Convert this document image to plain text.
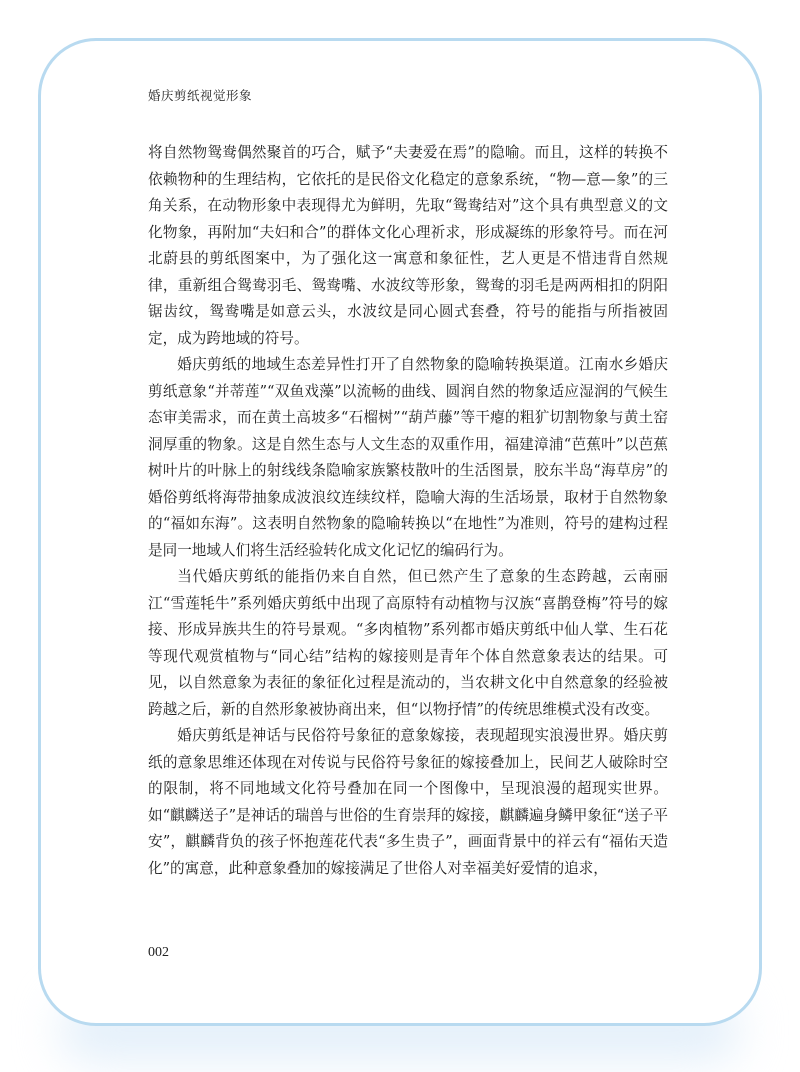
婚庆剪纸视觉形象

将自然物鸳鸯偶然聚首的巧合，赋予“夫妻爱在焉”的隐喻。而且，这样的转换不依赖物种的生理结构，它依托的是民俗文化稳定的意象系统，“物—意—象”的三角关系，在动物形象中表现得尤为鲜明，先取“鸳鸯结对”这个具有典型意义的文化物象，再附加“夫妇和合”的群体文化心理祈求，形成凝练的形象符号。而在河北蔚县的剪纸图案中，为了强化这一寓意和象征性，艺人更是不惜违背自然规律，重新组合鸳鸯羽毛、鸳鸯嘴、水波纹等形象，鸳鸯的羽毛是两两相扣的阴阳锯齿纹，鸳鸯嘴是如意云头，水波纹是同心圆式套叠，符号的能指与所指被固定，成为跨地域的符号。

婚庆剪纸的地域生态差异性打开了自然物象的隐喻转换渠道。江南水乡婚庆剪纸意象“并蒂莲”“双鱼戏藻”以流畅的曲线、圆润自然的物象适应湿润的气候生态审美需求，而在黄土高坡多“石榴树”“葫芦藤”等干瘪的粗犷切割物象与黄土窑洞厚重的物象。这是自然生态与人文生态的双重作用，福建漳浦“芭蕉叶”以芭蕉树叶片的叶脉上的射线线条隐喻家族繁枝散叶的生活图景，胶东半岛“海草房”的婚俗剪纸将海带抽象成波浪纹连续纹样，隐喻大海的生活场景，取材于自然物象的“福如东海”。这表明自然物象的隐喻转换以“在地性”为准则，符号的建构过程是同一地域人们将生活经验转化成文化记忆的编码行为。

当代婚庆剪纸的能指仍来自自然，但已然产生了意象的生态跨越，云南丽江“雪莲牦牛”系列婚庆剪纸中出现了高原特有动植物与汉族“喜鹊登梅”符号的嫁接、形成异族共生的符号景观。“多肉植物”系列都市婚庆剪纸中仙人掌、生石花等现代观赏植物与“同心结”结构的嫁接则是青年个体自然意象表达的结果。可见，以自然意象为表征的象征化过程是流动的，当农耕文化中自然意象的经验被跨越之后，新的自然形象被协商出来，但“以物抒情”的传统思维模式没有改变。

婚庆剪纸是神话与民俗符号象征的意象嫁接，表现超现实浪漫世界。婚庆剪纸的意象思维还体现在对传说与民俗符号象征的嫁接叠加上，民间艺人破除时空的限制，将不同地域文化符号叠加在同一个图像中，呈现浪漫的超现实世界。如“麒麟送子”是神话的瑞兽与世俗的生育崇拜的嫁接，麒麟遍身鳞甲象征“送子平安”，麒麟背负的孩子怀抱莲花代表“多生贵子”，画面背景中的祥云有“福佑天造化”的寓意，此种意象叠加的嫁接满足了世俗人对幸福美好爱情的追求，

002
